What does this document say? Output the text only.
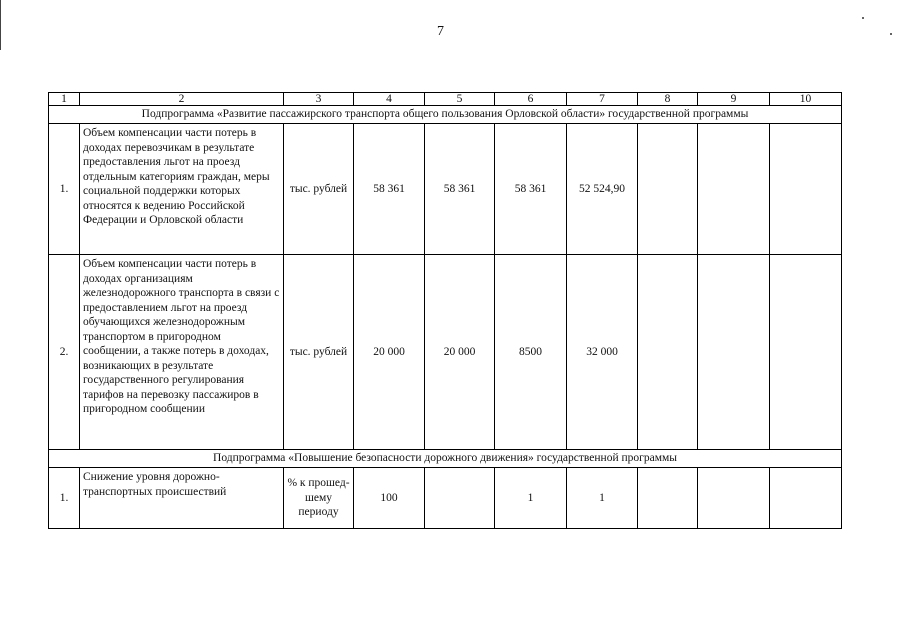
7
1	2	3	4	5	6	7	8	9	10
Подпрограмма «Развитие пассажирского транспорта общего пользования Орловской области» государственной программы									
1.	Объем компенсации части потерь в доходах перевозчикам в результате предоставления льгот на проезд отдельным категориям граждан, меры социальной поддержки которых относятся к ведению Российской Федерации и Орловской области	тыс. рублей	58 361	58 361	58 361	52 524,90			
2.	Объем компенсации части потерь в доходах организациям железнодорожного транспорта в связи с предоставлением льгот на проезд обучающихся железнодорожным транспортом в пригородном сообщении, а также потерь в доходах, возникающих в результате государственного регулирования тарифов на перевозку пассажиров в пригородном сообщении	тыс. рублей	20 000	20 000	8500	32 000			
Подпрограмма «Повышение безопасности дорожного движения» государственной программы									
1.	Снижение уровня дорожно-транспортных происшествий	% к прошед-шему периоду	100		1	1			
